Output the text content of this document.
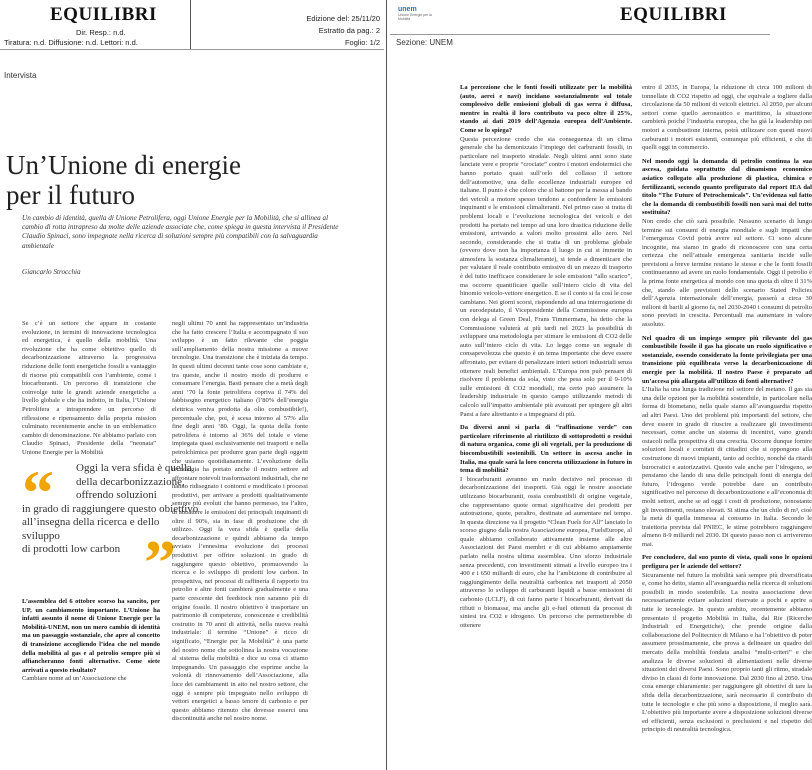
EQUILIBRI
Dir. Resp.: n.d.
Tiratura: n.d. Diffusione: n.d. Lettori: n.d.
Edizione del: 25/11/20
Estratto da pag.: 2
Foglio: 1/2
Intervista
Un’Unione di energie
per il futuro
Un cambio di identità, quella di Unione Petrolifera, oggi Unione Energie per la Mobilità, che si allinea al cambio di rotta intrapreso da molte delle aziende associate che, come spiega in questa intervista il Presidente Claudio Spinaci, sono impegnate nella ricerca di soluzioni sempre più compatibili con la salvaguardia ambientale
Giancarlo Strocchia
Se c’è un settore che appare in costante evoluzione, in termini di innovazione tecnologica ed energetica, è quello della mobilità. Una rivoluzione che ha come obiettivo quello di decarbonizzazione attraverso la progressiva riduzione delle fonti energetiche fossili a vantaggio di risorse più compatibili con l’ambiente, come i biocarburanti. Un percorso di transizione che coinvolge tutte le grandi aziende energetiche a livello globale e che ha indotto, in Italia, l’Unione Petrolifera a intraprendere un percorso di riflessione e ripensamento della propria mission culminato recentemente anche in un emblematico cambio di denominazione. Ne abbiamo parlato con Claudio Spinaci, Presidente della “neonata” Unione Energie per la Mobilità
“	Oggi la vera sfida è quella
della decarbonizzazione,
offrendo soluzioni
in grado di raggiungere questo obiettivo all’insegna della ricerca e dello sviluppo
di prodotti low carbon ”
L’assemblea del 6 ottobre scorso ha sancito, per UP, un cambiamento importante. L’Unione ha infatti assunto il nome di Unione Energie per la Mobilità-UNEM, non un mero cambio di identità ma un passaggio sostanziale, che apre al concetto di transizione accogliendo l’idea che nel mondo della mobilità al gas e al petrolio sempre più si affiancheranno fonti alternative. Come siete arrivati a questo risultato?
Cambiare nome ad un’Associazione che
negli ultimi 70 anni ha rappresentato un’industria che ha fatto crescere l’Italia e accompagnato il suo sviluppo è un fatto rilevante che poggia sull’ampliamento della nostra missione a nuove tecnologie. Una transizione che è iniziata da tempo. In questi ultimi decenni tante cose sono cambiate e, tra queste, anche il nostro modo di produrre e consumare l’energia. Basti pensare che a metà degli anni ‘70 la fonte petrolifera copriva il 74% del fabbisogno energetico italiano (l’80% dell’energia elettrica veniva prodotta da olio combustibile!), percentuale che, poi, è scesa intorno al 57% alla fine degli anni ‘80. Oggi, la quota della fonte petrolifera è intorno al 36% del totale e viene impiegata quasi esclusivamente nei trasporti e nella petrolchimica per produrre gran parte degli oggetti che usiamo quotidianamente. L’evoluzione della tecnologia ha portato anche il nostro settore ad affrontare notevoli trasformazioni industriali, che ne hanno ridisegnato i contorni e modificato i processi produttivi, per arrivare a prodotti qualitativamente sempre più evoluti che hanno permesso, tra l’altro, di abbattere le emissioni dei principali inquinanti di oltre il 90%, sia in fase di produzione che di utilizzo. Oggi la vera sfida è quella della decarbonizzazione e quindi abbiamo da tempo avviato l’ennesima evoluzione dei processi produttivi per offrire soluzioni in grado di raggiungere questo obiettivo, promuovendo la ricerca e lo sviluppo di prodotti low carbon. In prospettiva, nei processi di raffineria il rapporto tra petrolio e altre fonti cambierà gradualmente e una parte crescente dei feedstock non saranno più di origine fossile. Il nostro obiettivo è trasportare un patrimonio di competenze, conoscenze e credibilità costruito in 70 anni di attività, nella nuova realtà industriale: il termine “Unione” è ricco di significato, “Energie per la Mobilità” è una parte del nostro nome che sottolinea la nostra vocazione al sistema della mobilità e dice su cosa ci stiamo impegnando. Un passaggio che esprime anche la volontà di rinnovamento dell’Associazione, alla luce dei cambiamenti in atto nel nostro settore, che oggi è sempre più impegnato nello sviluppo di vettori energetici a basso tenore di carbonio e per questo abbiamo ritenuto che dovesse esserci una discontinuità anche nel nostro nome.
unem
Unione Energie per la Mobilità	EQUILIBRI
Sezione: UNEM
La percezione che le fonti fossili utilizzate per la mobilità (auto, aerei e navi) incidano sostanzialmente sul totale complessivo delle emissioni globali di gas serra è diffusa, mentre in realtà il loro contributo va poco oltre il 25%, stando ai dati 2019 dell’Agenzia europea dell’Ambiente. Come se lo spiega?
Questa percezione credo che sia conseguenza di un clima generale che ha demonizzato l’impiego dei carburanti fossili, in particolare nel trasporto stradale. Negli ultimi anni sono state lanciate vere e proprie “crociate” contro i motori endotermici che hanno portato quasi sull’orlo del collasso il settore dell’automotive, una delle eccellenze industriali europee ed italiane. Il punto è che coloro che si battono per la messa al bando dei veicoli a motore spesso tendono a confondere le emissioni inquinanti e le emissioni climalteranti. Nel primo caso si tratta di problemi locali e l’evoluzione tecnologica dei veicoli e dei prodotti ha portato nel tempo ad una loro drastica riduzione delle emissioni, arrivando a valori molto prossimi allo zero. Nel secondo, considerando che si tratta di un problema globale (ovvero dove non ha importanza il luogo in cui si immette in atmosfera la sostanza climalterante), si tende a dimenticare che per valutare il reale contributo emissivo di un mezzo di trasporto è del tutto inefficace considerare le sole emissioni “allo scarico”, ma occorre quantificare quelle sull’intero ciclo di vita del binomio veicolo-vettore energetico. E se il conto si fa così le cose cambiano. Nei giorni scorsi, rispondendo ad una interrogazione di un eurodeputato, il Vicepresidente della Commissione europea con delega al Green Deal, Frans Timmermans, ha detto che la Commissione valuterà ai più tardi nel 2023 la possibilità di sviluppare una metodologia per stimare le emissioni di CO2 delle auto sull’intero ciclo di vita. Lo leggo come un segnale di consapevolezza che questo è un tema importante che deve essere affrontato, per evitare di penalizzare interi settori industriali senza ottenere reali benefici ambientali. L’Europa non può pensare di risolvere il problema da sola, visto che pesa solo per il 9-10% sulle emissioni di CO2 mondiali, ma certo può assumere la leadership industriale in questo campo utilizzando metodi di calcolo sull’impatto ambientale più avanzati per spingere gli altri Paesi a fare altrettanto e a impegnarsi di più.
Da diversi anni si parla di “raffinazione verde” con particolare riferimento al riutilizzo di sottoprodotti o residui di natura organica, come gli oli vegetali, per la produzione di biocombustibili sostenibili. Un settore in ascesa anche in Italia, ma quale sarà la loro concreta utilizzazione in futuro in tema di mobilità?
I biocarburanti avranno un ruolo decisivo nel processo di decarbonizzazione dei trasporti. Già oggi le nostre associate utilizzano biocarburanti, ossia combustibili di origine vegetale, che rappresentano quote ormai significative dei prodotti per autotrazione, quote, peraltro, destinate ad aumentare nel tempo. In questa direzione va il progetto “Clean Fuels for All” lanciato lo scorso giugno dalla nostra Associazione europea, FuelsEurope, al quale abbiamo collaborato attivamente insieme alle altre Associazioni dei Paesi membri e di cui abbiamo ampiamente parlato nella nostra ultima assemblea. Uno sforzo industriale senza precedenti, con investimenti stimati a livello europeo tra i 400 e i 650 miliardi di euro, che ha l’ambizione di contribuire al raggiungimento della neutralità carbonica nei trasporti al 2050 attraverso lo sviluppo di carburanti liquidi a basse emissioni di carbonio (LCLF), di cui fanno parte i biocarburanti, derivati da rifiuti o biomasse, ma anche gli e-fuel ottenuti da processi di sintesi tra CO2 e idrogeno. Un percorso che permetterebbe di ottenere
entro il 2035, in Europa, la riduzione di circa 100 milioni di tonnellate di CO2 rispetto ad oggi, che equivale a togliere dalla circolazione da 50 milioni di veicoli elettrici. Al 2050, per alcuni settori come quello aeronautico e marittimo, la situazione cambierà poiché l’industria europea, che ha già la leadership nei motori a combustione interna, potrà utilizzare con questi nuovi carburanti i motori esistenti, comunque più efficienti, e che di quelli oggi in commercio.
Nel mondo oggi la domanda di petrolio continua la sua ascesa, guidata soprattutto dal dinamismo economico asiatico collegato alla produzione di plastica, chimica e fertilizzanti, secondo quanto prefigurato dal report IEA dal titolo “The Future of Petrochemicals”. Un’evidenza sul fatto che la domanda di combustibili fossili non sarà mai del tutto sostituita?
Non credo che ciò sarà possibile. Nessuno scenario di lungo termine sui consumi di energia mondiale e sugli impatti che l’emergenza Covid potrà avere sul settore. Ci sono alcune incognite, ma siamo in grado di riconoscere con una certa certezza che nell’attuale emergenza sanitaria incide sulle previsioni a breve termine restano le stesse e che le fonti fossili continueranno ad avere un ruolo fondamentale. Oggi il petrolio è la prima fonte energetica al mondo con una quota di oltre il 31% che, stando alle previsioni dello scenario Stated Policies dell’Agenzia internazionale dell’energia, passerà a circa 30 milioni di barili al giorno fa, nel 2030-2040 i consumi di petrolio sono previsti in crescita. Percentuali ma aumentare in valore assoluto.
Nel quadro di un impiego sempre più rilevante del gas combustibile fossile il gas ha giocato un ruolo significativo e sostanziale, essendo considerato la fonte privilegiata per una transizione più equilibrata verso la decarbonizzazione di energie per la mobilità. Il nostro Paese è preparato ad un’accesa più allargata all’utilizzo di fonti alternative?
L’Italia ha una lunga tradizione nel settore del metano. Il gas sia una delle opzioni per la mobilità sostenibile, in particolare nella forma di biometano, nella quale siamo all’avanguardia rispetto ad altri Paesi. Uno dei problemi più importanti del settore, che deve essere in grado di riuscire a realizzare gli investimenti necessari, come anche un sistema di incentivi, vano grandi ostacoli nella prospettiva di una crescita. Occorre dunque fornire soluzioni locali e comitati di cittadini che si oppongono alla costruzione di nuovi impianti, tanto ad occhio, nonché da ritardi burocratici e autorizzativi. Questo vale anche per l’idrogeno, se pensiamo che lando di una delle principali fonti di energia del futuro, l’idrogeno verde potrebbe dare un contributo significativo nel percorso di decarbonizzazione e all’economia di molti settori, anche se ad oggi i costi di produzione, nonostante gli investimenti, restano elevati. Si stima che un chilo di m³, cioè la metà di quella immessa al consumo in Italia. Secondo le traiettoria prevista dal PNIEC, le stime potrebbero raggiungere almeno 8-9 miliardi nel 2030. Di questo passo non ci arriveremo mai.
Per concludere, dal suo punto di vista, quali sono le opzioni prefigura per le aziende del settore?
Sicuramente nel futuro la mobilità sarà sempre più diversificata e, come ho detto, siamo all’avanguardia nella ricerca di soluzioni possibili in modo sostenibile. La nostra associazione deve necessariamente evitare soluzioni riservate a pochi e aprire a tutte le tecnologie. In questo ambito, recentemente abbiamo presentato il progetto Mobilità in Italia, dal Rie (Ricerche Industriali ed Energetiche), che prende origine dalla collaborazione del Politecnico di Milano e ha l’obiettivo di poter assumere prossimamente, che prova a delineare un quadro del mercato della mobilità fondata analisi “multi-criteri” e che analizza le diverse soluzioni di alimentazioni nelle diverse situazioni dei diversi Paesi. Sono proprio tanti gli ritmo, stradale diviso in classi di forte innovazione. Dal 2030 fino al 2050. Una cosa emerge chiaramente: per raggiungere gli obiettivi di tare la sfida della decarbonizzazione, sarà necessario il contributo di tutte le tecnologie e che più sono a disposizione, il meglio sarà. L’obiettivo più importante avere a disposizione soluzioni diverse ed efficienti, senza esclusioni o preclusioni e nel rispetto del principio di neutralità tecnologica.
